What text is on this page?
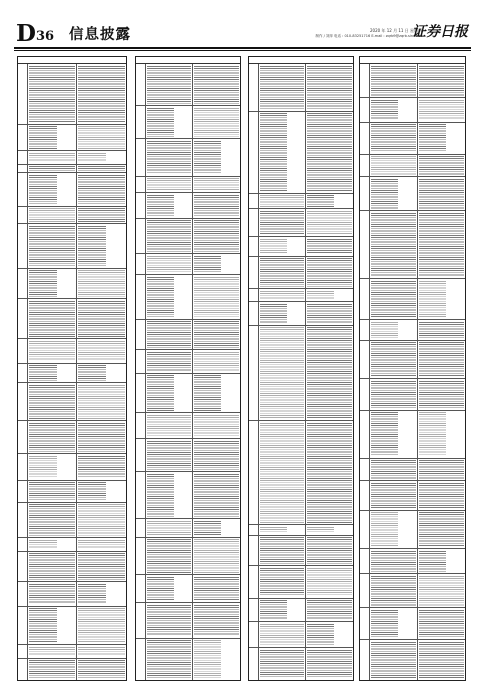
D 36 信息披露	2020 年 12 月 11 日 星期四
制作 / 刘萍 电话 : 010-83251716 E-mail : zqrb9@zqrb.sina.net
证券日报
